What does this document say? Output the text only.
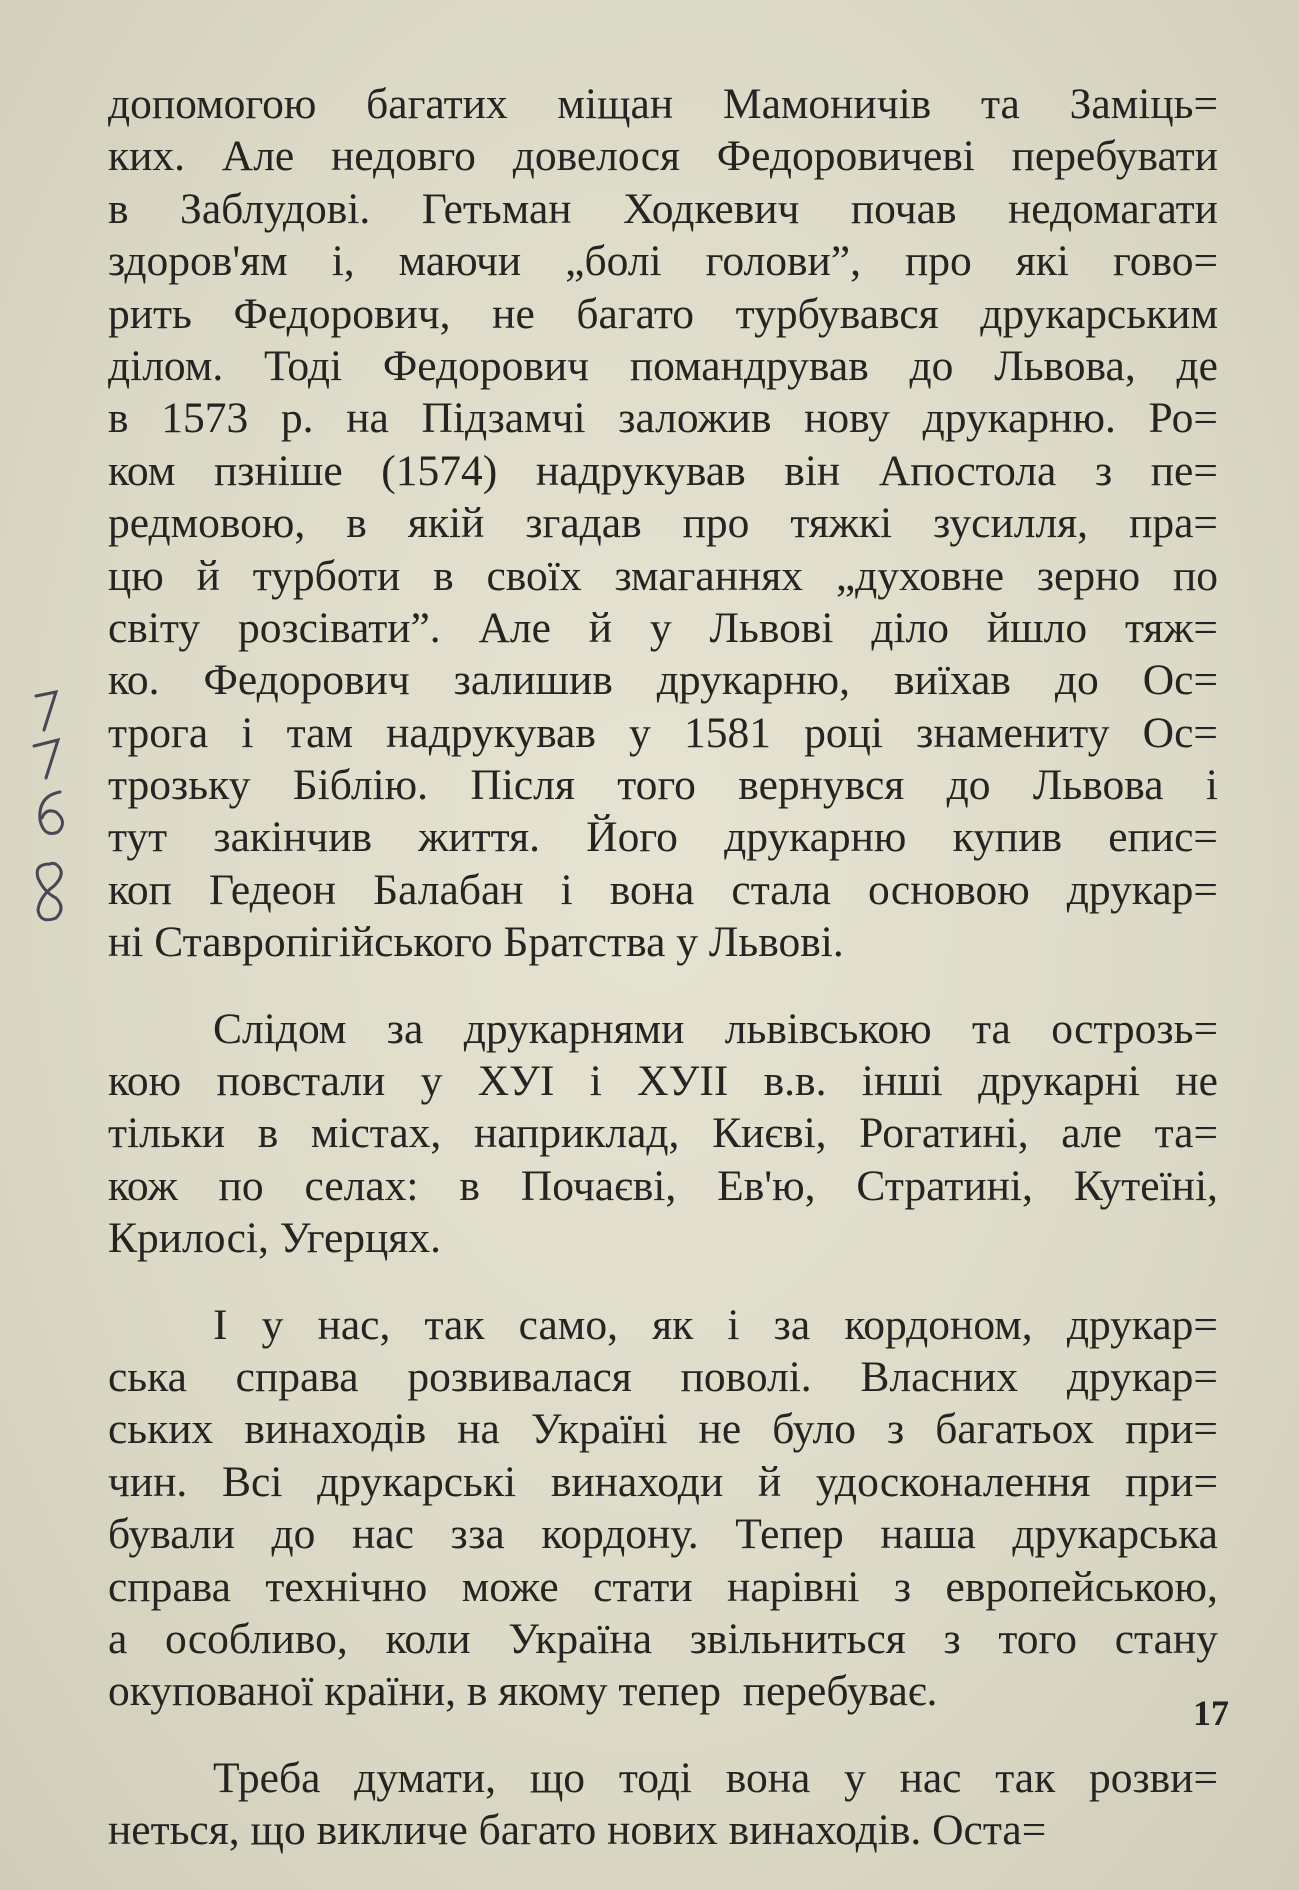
допомогою багатих міщан Мамоничів та Заміць=
ких. Але недовго довелося Федоровичеві перебувати
в Заблудові. Гетьман Ходкевич почав недомагати
здоров'ям і, маючи „болі голови”, про які гово=
рить Федорович, не багато турбувався друкарським
ділом. Тоді Федорович помандрував до Львова, де
в 1573 р. на Підзамчі заложив нову друкарню. Ро=
ком пзніше (1574) надрукував він Апостола з пе=
редмовою, в якій згадав про тяжкі зусилля, пра=
цю й турботи в своїх змаганнях „духовне зерно по
світу розсівати”. Але й у Львові діло йшло тяж=
ко. Федорович залишив друкарню, виїхав до Ос=
трога і там надрукував у 1581 році знамениту Ос=
трозьку Біблію. Після того вернувся до Львова і
тут закінчив життя. Його друкарню купив епис=
коп Гедеон Балабан і вона стала основою друкар=
ні Ставропігійського Братства у Львові.
Слідом за друкарнями львівською та острозь=
кою повстали у ХУІ і ХУІІ в.в. інші друкарні не
тільки в містах, наприклад, Києві, Рогатині, але та=
кож по селах: в Почаєві, Ев'ю, Стратині, Кутеїні,
Крилосі, Угерцях.
І у нас, так само, як і за кордоном, друкар=
ська справа розвивалася поволі. Власних друкар=
ських винаходів на Україні не було з багатьох при=
чин. Всі друкарські винаходи й удосконалення при=
бували до нас зза кордону. Тепер наша друкарська
справа технічно може стати нарівні з европейською,
а особливо, коли Україна звільниться з того стану
окупованої країни, в якому тепер  перебуває.
Треба думати, що тоді вона у нас так розви=
неться, що викличе багато нових винаходів. Оста=
17
